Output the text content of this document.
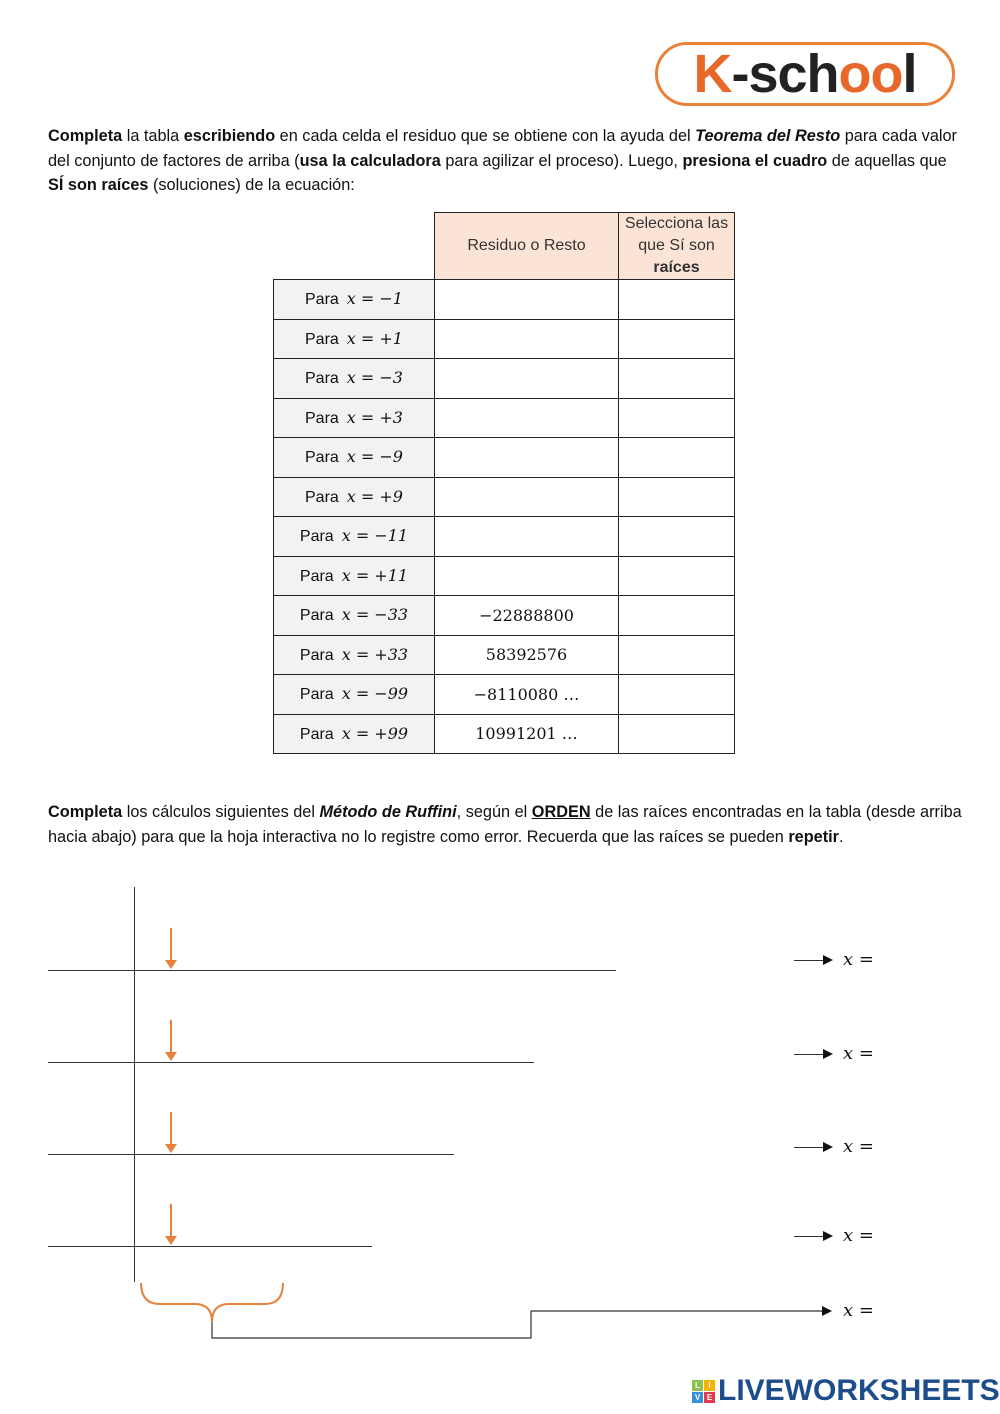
K -sch oo l
Completa la tabla escribiendo en cada celda el residuo que se obtiene con la ayuda del Teorema del Resto para cada valor del conjunto de factores de arriba (usa la calculadora para agilizar el proceso). Luego, presiona el cuadro de aquellas que SÍ son raíces (soluciones) de la ecuación:
	Residuo o Resto	Selecciona las que Sí son raíces
Para x = −1		
Para x = +1		
Para x = −3		
Para x = +3		
Para x = −9		
Para x = +9		
Para x = −11		
Para x = +11		
Para x = −33	−22888800	
Para x = +33	58392576	
Para x = −99	−8110080 …	
Para x = +99	10991201 …	
Completa los cálculos siguientes del Método de Ruffini, según el ORDEN de las raíces encontradas en la tabla (desde arriba hacia abajo) para que la hoja interactiva no lo registre como error. Recuerda que las raíces se pueden repetir.
x =
x =
x =
x =
x =
L	I
V E LIVEWORKSHEETS
